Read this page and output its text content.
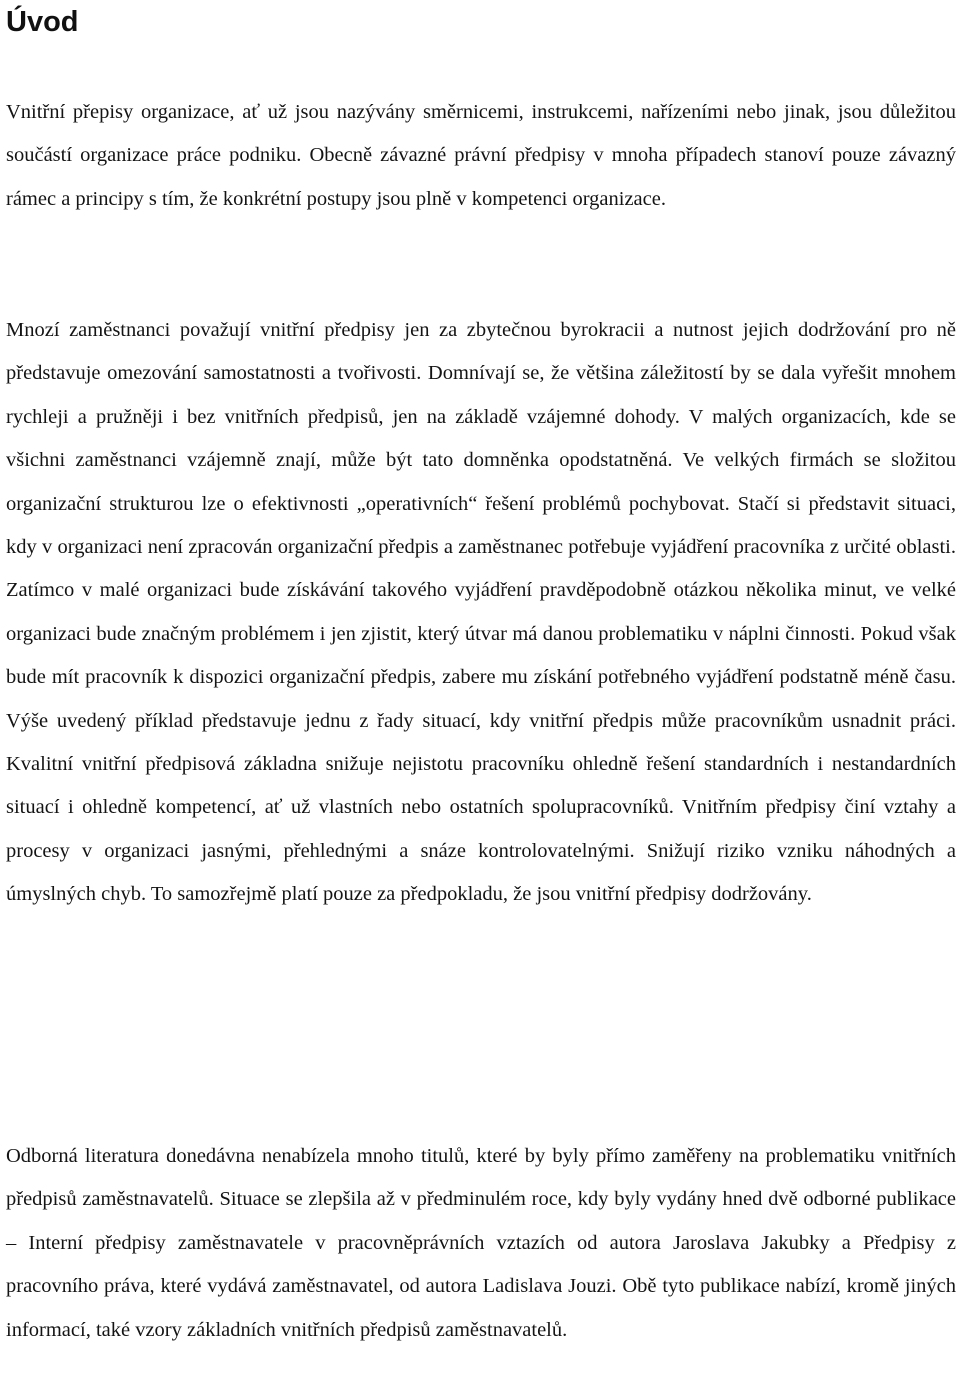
Úvod

Vnitřní přepisy organizace, ať už jsou nazývány směrnicemi, instrukcemi, nařízeními nebo jinak, jsou důležitou součástí organizace práce podniku. Obecně závazné právní předpisy v mnoha případech stanoví pouze závazný rámec a principy s tím, že konkrétní postupy jsou plně v kompetenci organizace.

Mnozí zaměstnanci považují vnitřní předpisy jen za zbytečnou byrokracii a nutnost jejich dodržování pro ně představuje omezování samostatnosti a tvořivosti. Domnívají se, že většina záležitostí by se dala vyřešit mnohem rychleji a pružněji i bez vnitřních předpisů, jen na základě vzájemné dohody. V malých organizacích, kde se všichni zaměstnanci vzájemně znají, může být tato domněnka opodstatněná. Ve velkých firmách se složitou organizační strukturou lze o efektivnosti „operativních“ řešení problémů pochybovat. Stačí si představit situaci, kdy v organizaci není zpracován organizační předpis a zaměstnanec potřebuje vyjádření pracovníka z určité oblasti. Zatímco v malé organizaci bude získávání takového vyjádření pravděpodobně otázkou několika minut, ve velké organizaci bude značným problémem i jen zjistit, který útvar má danou problematiku v náplni činnosti. Pokud však bude mít pracovník k dispozici organizační předpis, zabere mu získání potřebného vyjádření podstatně méně času. Výše uvedený příklad představuje jednu z řady situací, kdy vnitřní předpis může pracovníkům usnadnit práci. Kvalitní vnitřní předpisová základna snižuje nejistotu pracovníku ohledně řešení standardních i nestandardních situací i ohledně kompetencí, ať už vlastních nebo ostatních spolupracovníků. Vnitřním předpisy činí vztahy a procesy v organizaci jasnými, přehlednými a snáze kontrolovatelnými. Snižují riziko vzniku náhodných a úmyslných chyb. To samozřejmě platí pouze za předpokladu, že jsou vnitřní předpisy dodržovány.

Odborná literatura donedávna nenabízela mnoho titulů, které by byly přímo zaměřeny na problematiku vnitřních předpisů zaměstnavatelů. Situace se zlepšila až v předminulém roce, kdy byly vydány hned dvě odborné publikace – Interní předpisy zaměstnavatele v pracovněprávních vztazích od autora Jaroslava Jakubky a Předpisy z pracovního práva, které vydává zaměstnavatel, od autora Ladislava Jouzi. Obě tyto publikace nabízí, kromě jiných informací, také vzory základních vnitřních předpisů zaměstnavatelů.
